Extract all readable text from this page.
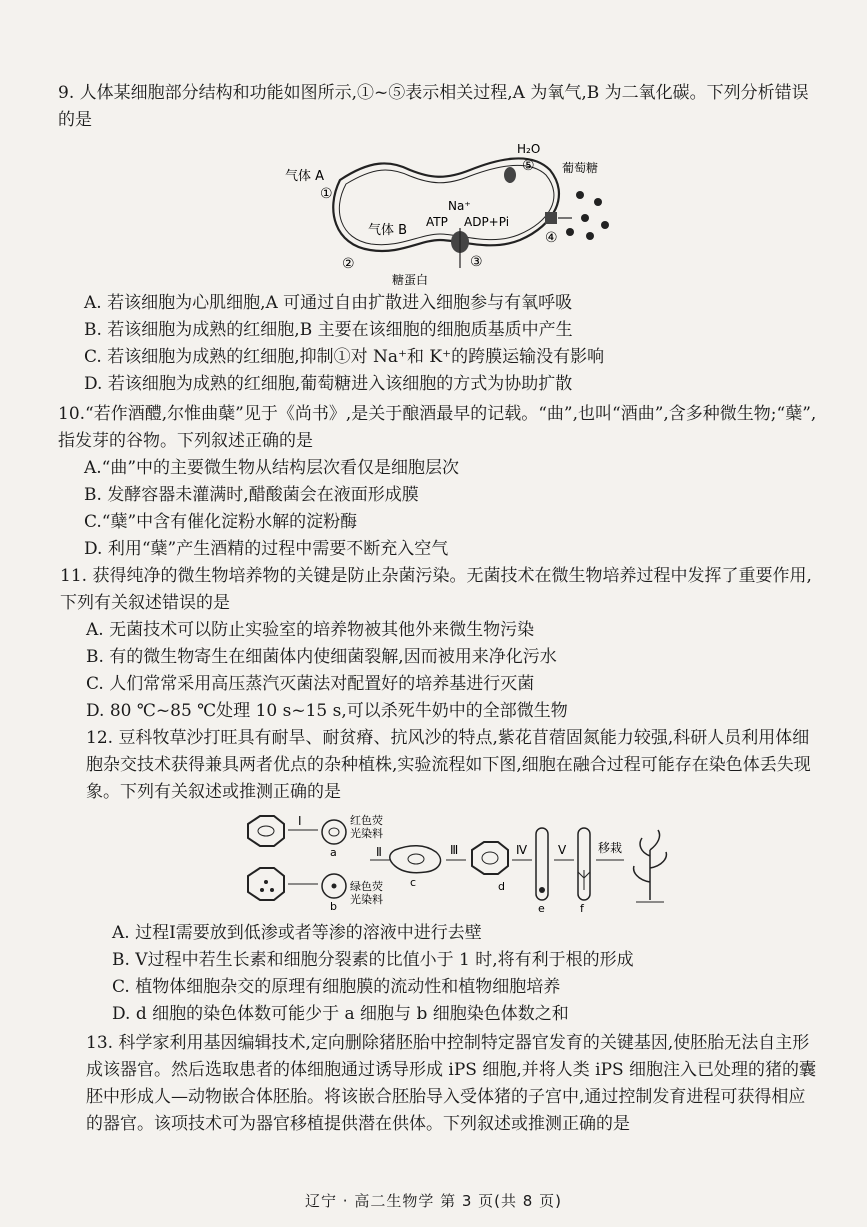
9. 人体某细胞部分结构和功能如图所示,①~⑤表示相关过程,A 为氧气,B 为二氧化碳。下列分析错误的是

气体 A
①
气体 B
②
糖蛋白
③
Na⁺
ATP ADP+Pi
H₂O
⑤ 葡萄糖
④

A. 若该细胞为心肌细胞,A 可通过自由扩散进入细胞参与有氧呼吸

B. 若该细胞为成熟的红细胞,B 主要在该细胞的细胞质基质中产生

C. 若该细胞为成熟的红细胞,抑制①对 Na⁺和 K⁺的跨膜运输没有影响

D. 若该细胞为成熟的红细胞,葡萄糖进入该细胞的方式为协助扩散

10.“若作酒醴,尔惟曲蘖”见于《尚书》,是关于酿酒最早的记载。“曲”,也叫“酒曲”,含多种微生物;“蘖”,指发芽的谷物。下列叙述正确的是

A.“曲”中的主要微生物从结构层次看仅是细胞层次

B. 发酵容器未灌满时,醋酸菌会在液面形成膜

C.“蘖”中含有催化淀粉水解的淀粉酶

D. 利用“蘖”产生酒精的过程中需要不断充入空气

11. 获得纯净的微生物培养物的关键是防止杂菌污染。无菌技术在微生物培养过程中发挥了重要作用,下列有关叙述错误的是

A. 无菌技术可以防止实验室的培养物被其他外来微生物污染

B. 有的微生物寄生在细菌体内使细菌裂解,因而被用来净化污水

C. 人们常常采用高压蒸汽灭菌法对配置好的培养基进行灭菌

D. 80 ℃~85 ℃处理 10 s~15 s,可以杀死牛奶中的全部微生物

12. 豆科牧草沙打旺具有耐旱、耐贫瘠、抗风沙的特点,紫花苜蓿固氮能力较强,科研人员利用体细胞杂交技术获得兼具两者优点的杂种植株,实验流程如下图,细胞在融合过程可能存在染色体丢失现象。下列有关叙述或推测正确的是

Ⅰ
a
b
红色荧
光染料
绿色荧
光染料
Ⅱ
c
Ⅲ
d
Ⅳ
e
Ⅴ
f
移栽

A. 过程Ⅰ需要放到低渗或者等渗的溶液中进行去壁

B. Ⅴ过程中若生长素和细胞分裂素的比值小于 1 时,将有利于根的形成

C. 植物体细胞杂交的原理有细胞膜的流动性和植物细胞培养

D. d 细胞的染色体数可能少于 a 细胞与 b 细胞染色体数之和

13. 科学家利用基因编辑技术,定向删除猪胚胎中控制特定器官发育的关键基因,使胚胎无法自主形成该器官。然后选取患者的体细胞通过诱导形成 iPS 细胞,并将人类 iPS 细胞注入已处理的猪的囊胚中形成人—动物嵌合体胚胎。将该嵌合胚胎导入受体猪的子宫中,通过控制发育进程可获得相应的器官。该项技术可为器官移植提供潜在供体。下列叙述或推测正确的是

辽宁 · 高二生物学 第 3 页(共 8 页)
